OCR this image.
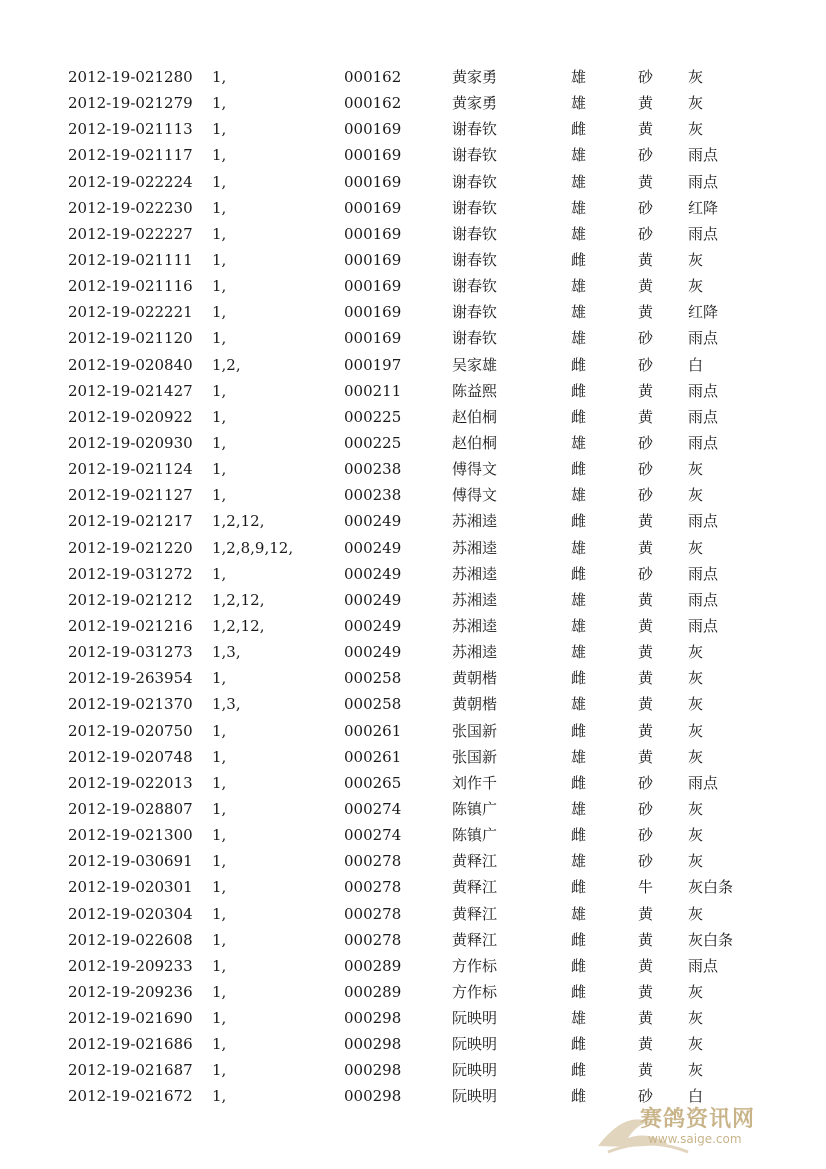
2012-19-021280 1,	000162	黄家勇	雄	砂 灰
2012-19-021279 1,	000162	黄家勇	雄	黄 灰
2012-19-021113 1,	000169	谢春钦	雌	黄 灰
2012-19-021117 1,	000169	谢春钦	雄	砂 雨点
2012-19-022224 1,	000169	谢春钦	雄	黄 雨点
2012-19-022230 1,	000169	谢春钦	雄	砂 红降
2012-19-022227 1,	000169	谢春钦	雄	砂 雨点
2012-19-021111 1,	000169	谢春钦	雌	黄 灰
2012-19-021116 1,	000169	谢春钦	雄	黄 灰
2012-19-022221 1,	000169	谢春钦	雄	黄 红降
2012-19-021120 1,	000169	谢春钦	雄	砂 雨点
2012-19-020840 1,2,	000197	吴家雄	雌	砂 白
2012-19-021427 1,	000211	陈益熙	雌	黄 雨点
2012-19-020922 1,	000225	赵伯桐	雌	黄 雨点
2012-19-020930 1,	000225	赵伯桐	雄	砂 雨点
2012-19-021124 1,	000238	傅得文	雌	砂 灰
2012-19-021127 1,	000238	傅得文	雄	砂 灰
2012-19-021217 1,2,12,	000249	苏湘逵	雌	黄 雨点
2012-19-021220 1,2,8,9,12,	000249	苏湘逵	雄	黄 灰
2012-19-031272 1,	000249	苏湘逵	雌	砂 雨点
2012-19-021212 1,2,12,	000249	苏湘逵	雄	黄 雨点
2012-19-021216 1,2,12,	000249	苏湘逵	雄	黄 雨点
2012-19-031273 1,3,	000249	苏湘逵	雄	黄 灰
2012-19-263954 1,	000258	黄朝楷	雌	黄 灰
2012-19-021370 1,3,	000258	黄朝楷	雄	黄 灰
2012-19-020750 1,	000261	张国新	雌	黄 灰
2012-19-020748 1,	000261	张国新	雄	黄 灰
2012-19-022013 1,	000265	刘作千	雌	砂 雨点
2012-19-028807 1,	000274	陈镇广	雄	砂 灰
2012-19-021300 1,	000274	陈镇广	雌	砂 灰
2012-19-030691 1,	000278	黄释江	雄	砂 灰
2012-19-020301 1,	000278	黄释江	雌	牛 灰白条
2012-19-020304 1,	000278	黄释江	雄	黄 灰
2012-19-022608 1,	000278	黄释江	雌	黄 灰白条
2012-19-209233 1,	000289	方作标	雌	黄 雨点
2012-19-209236 1,	000289	方作标	雌	黄 灰
2012-19-021690 1,	000298	阮映明	雄	黄 灰
2012-19-021686 1,	000298	阮映明	雌	黄 灰
2012-19-021687 1,	000298	阮映明	雌	黄 灰
2012-19-021672 1,	000298	阮映明	雌	砂 白
赛鸽资讯网
www.saige.com
